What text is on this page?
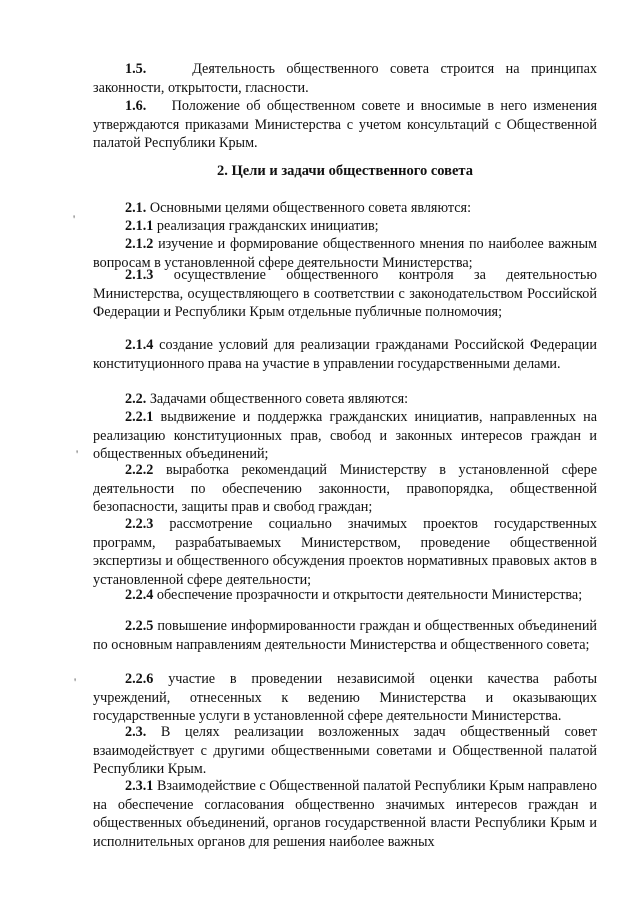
1.5.	Деятельность общественного совета строится на принципах законности, открытости, гласности.
1.6. Положение об общественном совете и вносимые в него изменения утверждаются приказами Министерства с учетом консультаций с Общественной палатой Республики Крым.
2. Цели и задачи общественного совета
2.1. Основными целями общественного совета являются:
2.1.1 реализация гражданских инициатив;
2.1.2 изучение и формирование общественного мнения по наиболее важным вопросам в установленной сфере деятельности Министерства;
2.1.3 осуществление общественного контроля за деятельностью Министерства, осуществляющего в соответствии с законодательством Российской Федерации и Республики Крым отдельные публичные полномочия;
2.1.4 создание условий для реализации гражданами Российской Федерации конституционного права на участие в управлении государственными делами.
2.2. Задачами общественного совета являются:
2.2.1 выдвижение и поддержка гражданских инициатив, направленных на реализацию конституционных прав, свобод и законных интересов граждан и общественных объединений;
2.2.2 выработка рекомендаций Министерству в установленной сфере деятельности по обеспечению законности, правопорядка, общественной безопасности, защиты прав и свобод граждан;
2.2.3 рассмотрение социально значимых проектов государственных программ, разрабатываемых Министерством, проведение общественной экспертизы и общественного обсуждения проектов нормативных правовых актов в установленной сфере деятельности;
2.2.4 обеспечение прозрачности и открытости деятельности Министерства;
2.2.5 повышение информированности граждан и общественных объединений по основным направлениям деятельности Министерства и общественного совета;
2.2.6 участие в проведении независимой оценки качества работы учреждений, отнесенных к ведению Министерства и оказывающих государственные услуги в установленной сфере деятельности Министерства.
2.3. В целях реализации возложенных задач общественный совет взаимодействует с другими общественными советами и Общественной палатой Республики Крым.
2.3.1 Взаимодействие с Общественной палатой Республики Крым направлено на обеспечение согласования общественно значимых интересов граждан и общественных объединений, органов государственной власти Республики Крым и исполнительных органов для решения наиболее важных
'
'
'
